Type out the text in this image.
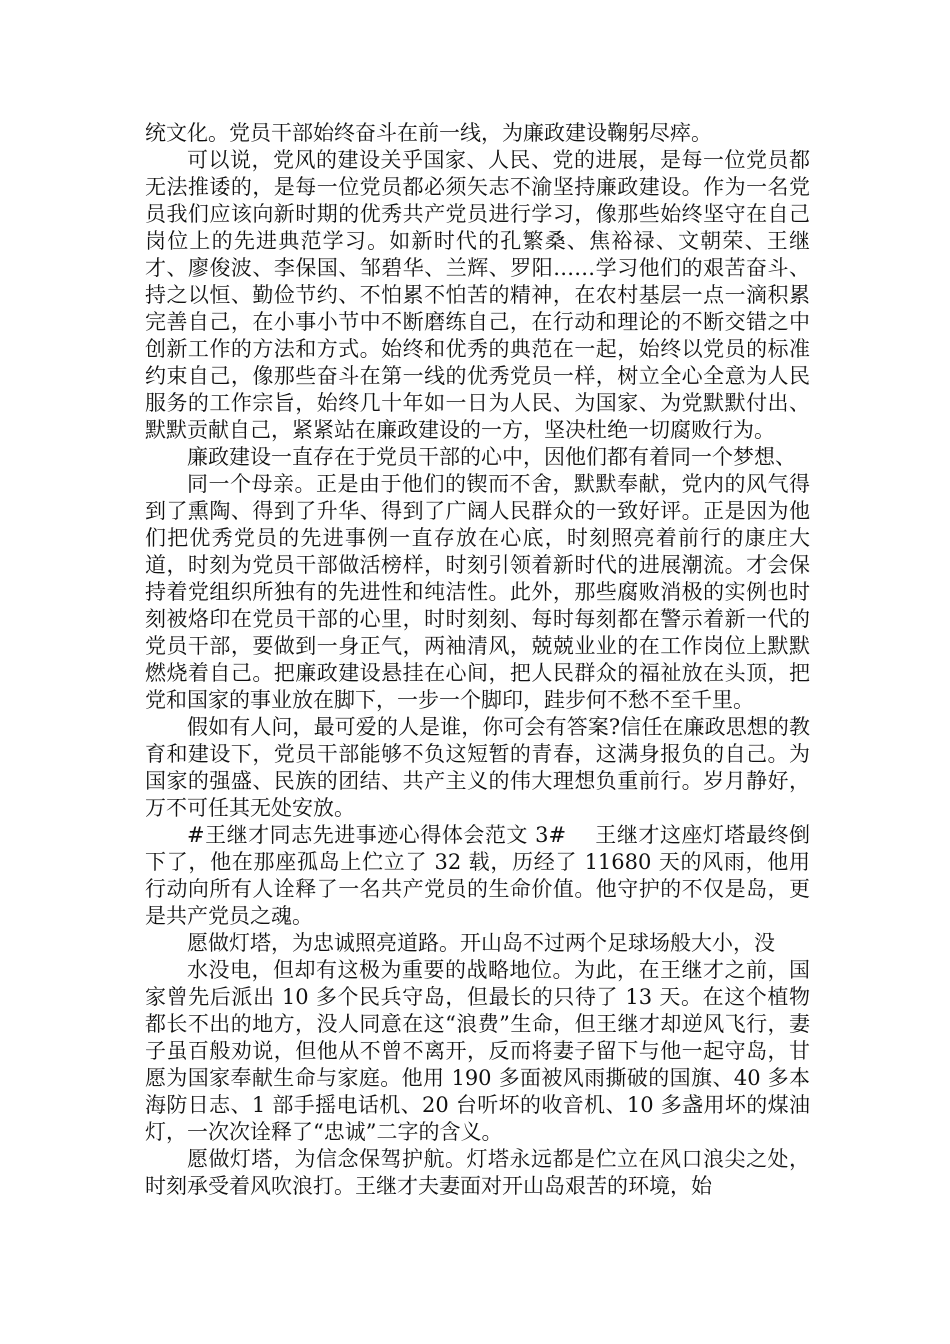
统文化。党员干部始终奋斗在前一线，为廉政建设鞠躬尽瘁。

可以说，党风的建设关乎国家、人民、党的进展，是每一位党员都无法推诿的，是每一位党员都必须矢志不渝坚持廉政建设。作为一名党员我们应该向新时期的优秀共产党员进行学习，像那些始终坚守在自己岗位上的先进典范学习。如新时代的孔繁桑、焦裕禄、文朝荣、王继才、廖俊波、李保国、邹碧华、兰辉、罗阳……学习他们的艰苦奋斗、持之以恒、勤俭节约、不怕累不怕苦的精神，在农村基层一点一滴积累完善自己，在小事小节中不断磨练自己，在行动和理论的不断交错之中创新工作的方法和方式。始终和优秀的典范在一起，始终以党员的标准约束自己，像那些奋斗在第一线的优秀党员一样，树立全心全意为人民服务的工作宗旨，始终几十年如一日为人民、为国家、为党默默付出、默默贡献自己，紧紧站在廉政建设的一方，坚决杜绝一切腐败行为。

廉政建设一直存在于党员干部的心中，因他们都有着同一个梦想、

同一个母亲。正是由于他们的锲而不舍，默默奉献，党内的风气得到了熏陶、得到了升华、得到了广阔人民群众的一致好评。正是因为他们把优秀党员的先进事例一直存放在心底，时刻照亮着前行的康庄大道，时刻为党员干部做活榜样，时刻引领着新时代的进展潮流。才会保持着党组织所独有的先进性和纯洁性。此外，那些腐败消极的实例也时刻被烙印在党员干部的心里，时时刻刻、每时每刻都在警示着新一代的党员干部，要做到一身正气，两袖清风，兢兢业业的在工作岗位上默默燃烧着自己。把廉政建设悬挂在心间，把人民群众的福祉放在头顶，把党和国家的事业放在脚下，一步一个脚印，跬步何不愁不至千里。

假如有人问，最可爱的人是谁，你可会有答案?信任在廉政思想的教育和建设下，党员干部能够不负这短暂的青春，这满身报负的自己。为国家的强盛、民族的团结、共产主义的伟大理想负重前行。岁月静好，万不可任其无处安放。

#王继才同志先进事迹心得体会范文 3#　 王继才这座灯塔最终倒下了，他在那座孤岛上伫立了 32 载，历经了 11680 天的风雨，他用行动向所有人诠释了一名共产党员的生命价值。他守护的不仅是岛，更是共产党员之魂。

愿做灯塔，为忠诚照亮道路。开山岛不过两个足球场般大小，没

水没电，但却有这极为重要的战略地位。为此，在王继才之前，国家曾先后派出 10 多个民兵守岛，但最长的只待了 13 天。在这个植物都长不出的地方，没人同意在这“浪费”生命，但王继才却逆风飞行，妻子虽百般劝说，但他从不曾不离开，反而将妻子留下与他一起守岛，甘愿为国家奉献生命与家庭。他用 190 多面被风雨撕破的国旗、40 多本海防日志、1 部手摇电话机、20 台听坏的收音机、10 多盏用坏的煤油灯，一次次诠释了“忠诚”二字的含义。

愿做灯塔，为信念保驾护航。灯塔永远都是伫立在风口浪尖之处，时刻承受着风吹浪打。王继才夫妻面对开山岛艰苦的环境，始
